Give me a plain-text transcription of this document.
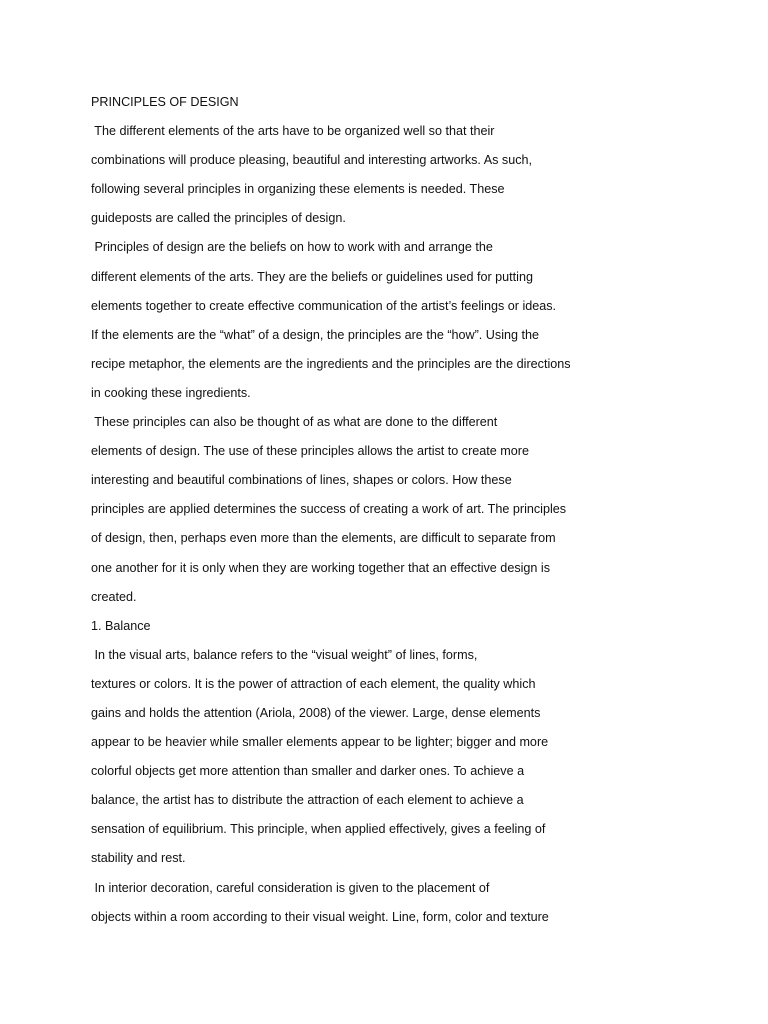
PRINCIPLES OF DESIGN
The different elements of the arts have to be organized well so that their
combinations will produce pleasing, beautiful and interesting artworks. As such,
following several principles in organizing these elements is needed. These
guideposts are called the principles of design.
Principles of design are the beliefs on how to work with and arrange the
different elements of the arts. They are the beliefs or guidelines used for putting
elements together to create effective communication of the artist’s feelings or ideas.
If the elements are the “what” of a design, the principles are the “how”. Using the
recipe metaphor, the elements are the ingredients and the principles are the directions
in cooking these ingredients.
These principles can also be thought of as what are done to the different
elements of design. The use of these principles allows the artist to create more
interesting and beautiful combinations of lines, shapes or colors. How these
principles are applied determines the success of creating a work of art. The principles
of design, then, perhaps even more than the elements, are difficult to separate from
one another for it is only when they are working together that an effective design is
created.
1. Balance
In the visual arts, balance refers to the “visual weight” of lines, forms,
textures or colors. It is the power of attraction of each element, the quality which
gains and holds the attention (Ariola, 2008) of the viewer. Large, dense elements
appear to be heavier while smaller elements appear to be lighter; bigger and more
colorful objects get more attention than smaller and darker ones. To achieve a
balance, the artist has to distribute the attraction of each element to achieve a
sensation of equilibrium. This principle, when applied effectively, gives a feeling of
stability and rest.
In interior decoration, careful consideration is given to the placement of
objects within a room according to their visual weight. Line, form, color and texture
